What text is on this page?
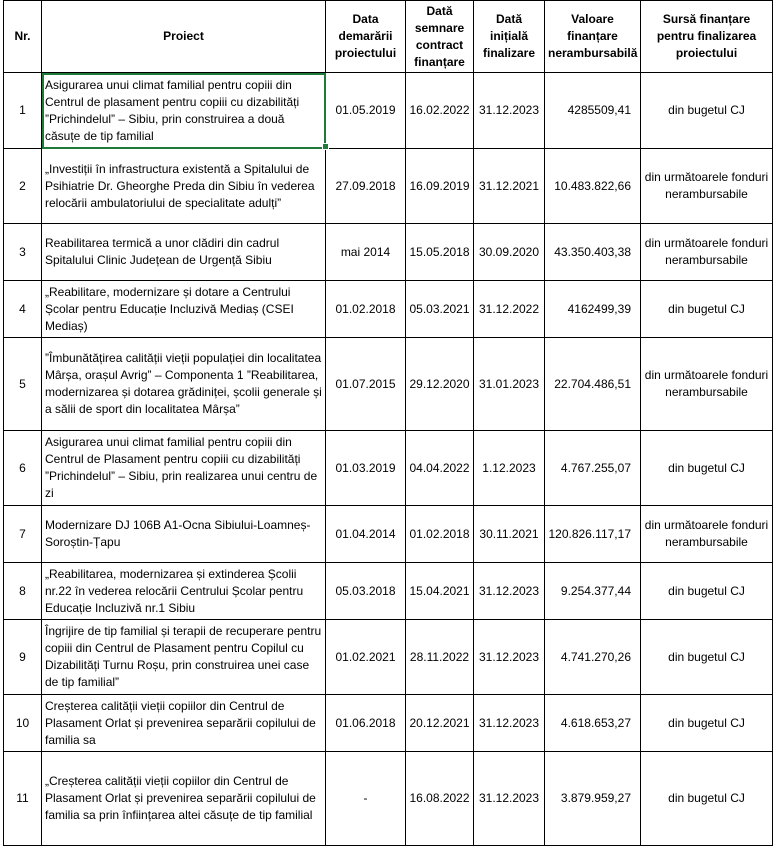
Nr.	Proiect	Data demarării proiectului	Dată semnare contract finanțare	Dată inițială finalizare	Valoare finanțare nerambursabilă	Sursă finanțare pentru finalizarea proiectului
1	Asigurarea unui climat familial pentru copiii din Centrul de plasament pentru copiii cu dizabilități ”Prichindelul” – Sibiu, prin construirea a două căsuțe de tip familial	01.05.2019	16.02.2022	31.12.2023	4285509,41	din bugetul CJ
2	„Investiții în infrastructura existentă a Spitalului de Psihiatrie Dr. Gheorghe Preda din Sibiu în vederea relocării ambulatoriului de specialitate adulți”	27.09.2018	16.09.2019	31.12.2021	10.483.822,66	din următoarele fonduri nerambursabile
3	Reabilitarea termică a unor clădiri din cadrul Spitalului Clinic Județean de Urgență Sibiu	mai 2014	15.05.2018	30.09.2020	43.350.403,38	din următoarele fonduri nerambursabile
4	„Reabilitare, modernizare și dotare a Centrului Școlar pentru Educație Incluzivă Mediaș (CSEI Mediaș)	01.02.2018	05.03.2021	31.12.2022	4162499,39	din bugetul CJ
5	”Îmbunătățirea calității vieții populației din localitatea Mârșa, orașul Avrig” – Componenta 1 ”Reabilitarea, modernizarea și dotarea grădiniței, școlii generale și a sălii de sport din localitatea Mârșa”	01.07.2015	29.12.2020	31.01.2023	22.704.486,51	din următoarele fonduri nerambursabile
6	Asigurarea unui climat familial pentru copiii din Centrul de Plasament pentru copiii cu dizabilități ”Prichindelul” – Sibiu, prin realizarea unui centru de zi	01.03.2019	04.04.2022	1.12.2023	4.767.255,07	din bugetul CJ
7	Modernizare DJ 106B A1-Ocna Sibiului-Loamneș-Soroștin-Țapu	01.04.2014	01.02.2018	30.11.2021	120.826.117,17	din următoarele fonduri nerambursabile
8	„Reabilitarea, modernizarea și extinderea Școlii nr.22 în vederea relocării Centrului Școlar pentru Educație Incluzivă nr.1 Sibiu	05.03.2018	15.04.2021	31.12.2023	9.254.377,44	din bugetul CJ
9	Îngrijire de tip familial și terapii de recuperare pentru copiii din Centrul de Plasament pentru Copilul cu Dizabilități Turnu Roșu, prin construirea unei case de tip familial”	01.02.2021	28.11.2022	31.12.2023	4.741.270,26	din bugetul CJ
10	Creșterea calității vieții copiilor din Centrul de Plasament Orlat și prevenirea separării copilului de familia sa	01.06.2018	20.12.2021	31.12.2023	4.618.653,27	din bugetul CJ
11	„Creșterea calității vieții copiilor din Centrul de Plasament Orlat și prevenirea separării copilului de familia sa prin înființarea altei căsuțe de tip familial	-	16.08.2022	31.12.2023	3.879.959,27	din bugetul CJ
